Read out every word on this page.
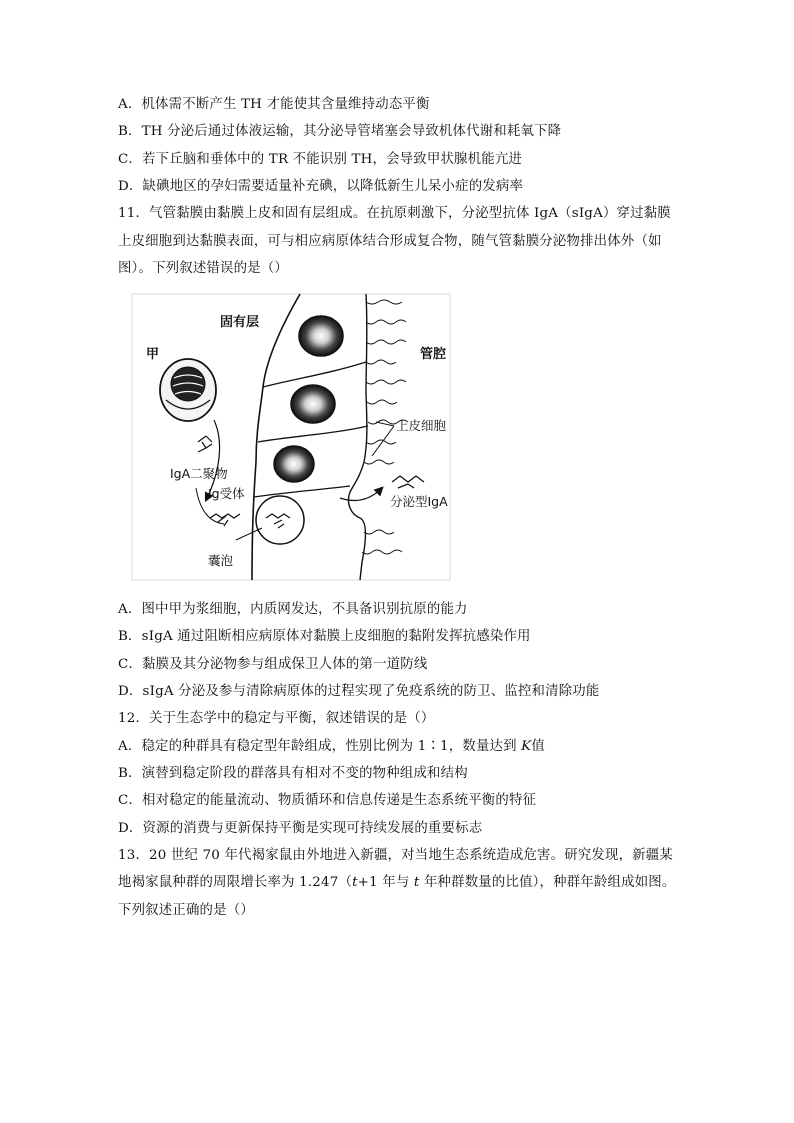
A．机体需不断产生 TH 才能使其含量维持动态平衡
B．TH 分泌后通过体液运输，其分泌导管堵塞会导致机体代谢和耗氧下降
C．若下丘脑和垂体中的 TR 不能识别 TH，会导致甲状腺机能亢进
D．缺碘地区的孕妇需要适量补充碘，以降低新生儿呆小症的发病率
11．气管黏膜由黏膜上皮和固有层组成。在抗原刺激下，分泌型抗体 IgA（sIgA）穿过黏膜
上皮细胞到达黏膜表面，可与相应病原体结合形成复合物，随气管黏膜分泌物排出体外（如
图）。下列叙述错误的是（）
固有层
管腔
甲
上皮细胞
IgA二聚物
Ig受体
分泌型IgA
囊泡
A．图中甲为浆细胞，内质网发达，不具备识别抗原的能力
B．sIgA 通过阻断相应病原体对黏膜上皮细胞的黏附发挥抗感染作用
C．黏膜及其分泌物参与组成保卫人体的第一道防线
D．sIgA 分泌及参与清除病原体的过程实现了免疫系统的防卫、监控和清除功能
12．关于生态学中的稳定与平衡，叙述错误的是（）
A．稳定的种群具有稳定型年龄组成，性别比例为 1∶1，数量达到 K值
B．演替到稳定阶段的群落具有相对不变的物种组成和结构
C．相对稳定的能量流动、物质循环和信息传递是生态系统平衡的特征
D．资源的消费与更新保持平衡是实现可持续发展的重要标志
13．20 世纪 70 年代褐家鼠由外地进入新疆，对当地生态系统造成危害。研究发现，新疆某
地褐家鼠种群的周限增长率为 1.247（t+1 年与 t 年种群数量的比值），种群年龄组成如图。
下列叙述正确的是（）
